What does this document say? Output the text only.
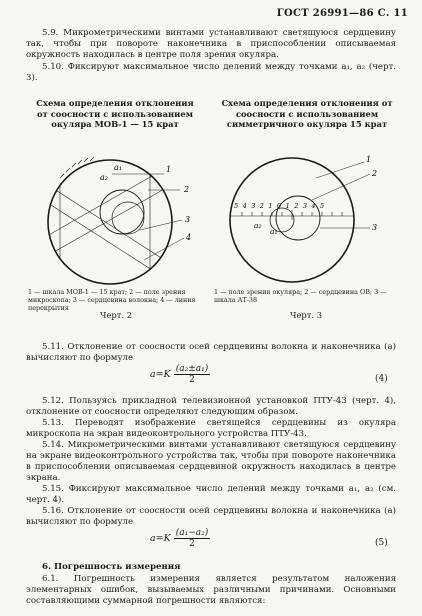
ГОСТ 26991—86 С. 11
5.9. Микрометрическими винтами устанавливают светящуюся сердцевину так, чтобы при повороте наконечника в приспособлении описываемая окружность находилась в центре поля зрения окуляра.
5.10. Фиксируют максимальное число делений между точками a₁, a₂ (черт. 3).
Схема определения отклонения от соосности с использованием окуляра МОВ-1 — 15 крат
a₁
a₂
1
2
3
4
1 — шкала МОВ-1 — 15 крат; 2 — поле зрения микроскопа; 3 — сердцевина волокна; 4 — линия перекрытия
Черт. 2
Схема определения отклонения от соосности с использованием симметричного окуляра 15 крат
5 4 3 2 1 0 1 2 3 4 5
1
2
3
a₁
a₂
1 — поле зрения окуляра; 2 — сердцевина ОВ; 3 — шкала АТ-38
Черт. 3
5.11. Отклонение от соосности осей сердцевины волокна и наконечника (a) вычисляют по формуле
$a=K \frac{\text{(a₂±a₁)}}{2}$	(4)
5.12. Пользуясь прикладной телевизионной установкой ПТУ-43 (черт. 4), отклонение от соосности определяют следующим образом.
5.13. Переводят изображение светящейся сердцевины из окуляра микроскопа на экран видеоконтрольного устройства ПТУ-43.
5.14. Микрометрическими винтами устанавливают светящуюся сердцевину на экране видеоконтрольного устройства так, чтобы при повороте наконечника в приспособлении описываемая сердцевиной окружность находилась в центре экрана.
5.15. Фиксируют максимальное число делений между точками a₁, a₂ (см. черт. 4).
5.16. Отклонение от соосности осей сердцевины волокна и наконечника (a) вычисляют по формуле
$a=K \frac{\text{(a₁−a₂)}}{2}$	(5)
6. Погрешность измерения
6.1. Погрешность измерения является результатом наложения элементарных ошибок, вызываемых различными причинами. Основными составляющими суммарной погрешности являются:
